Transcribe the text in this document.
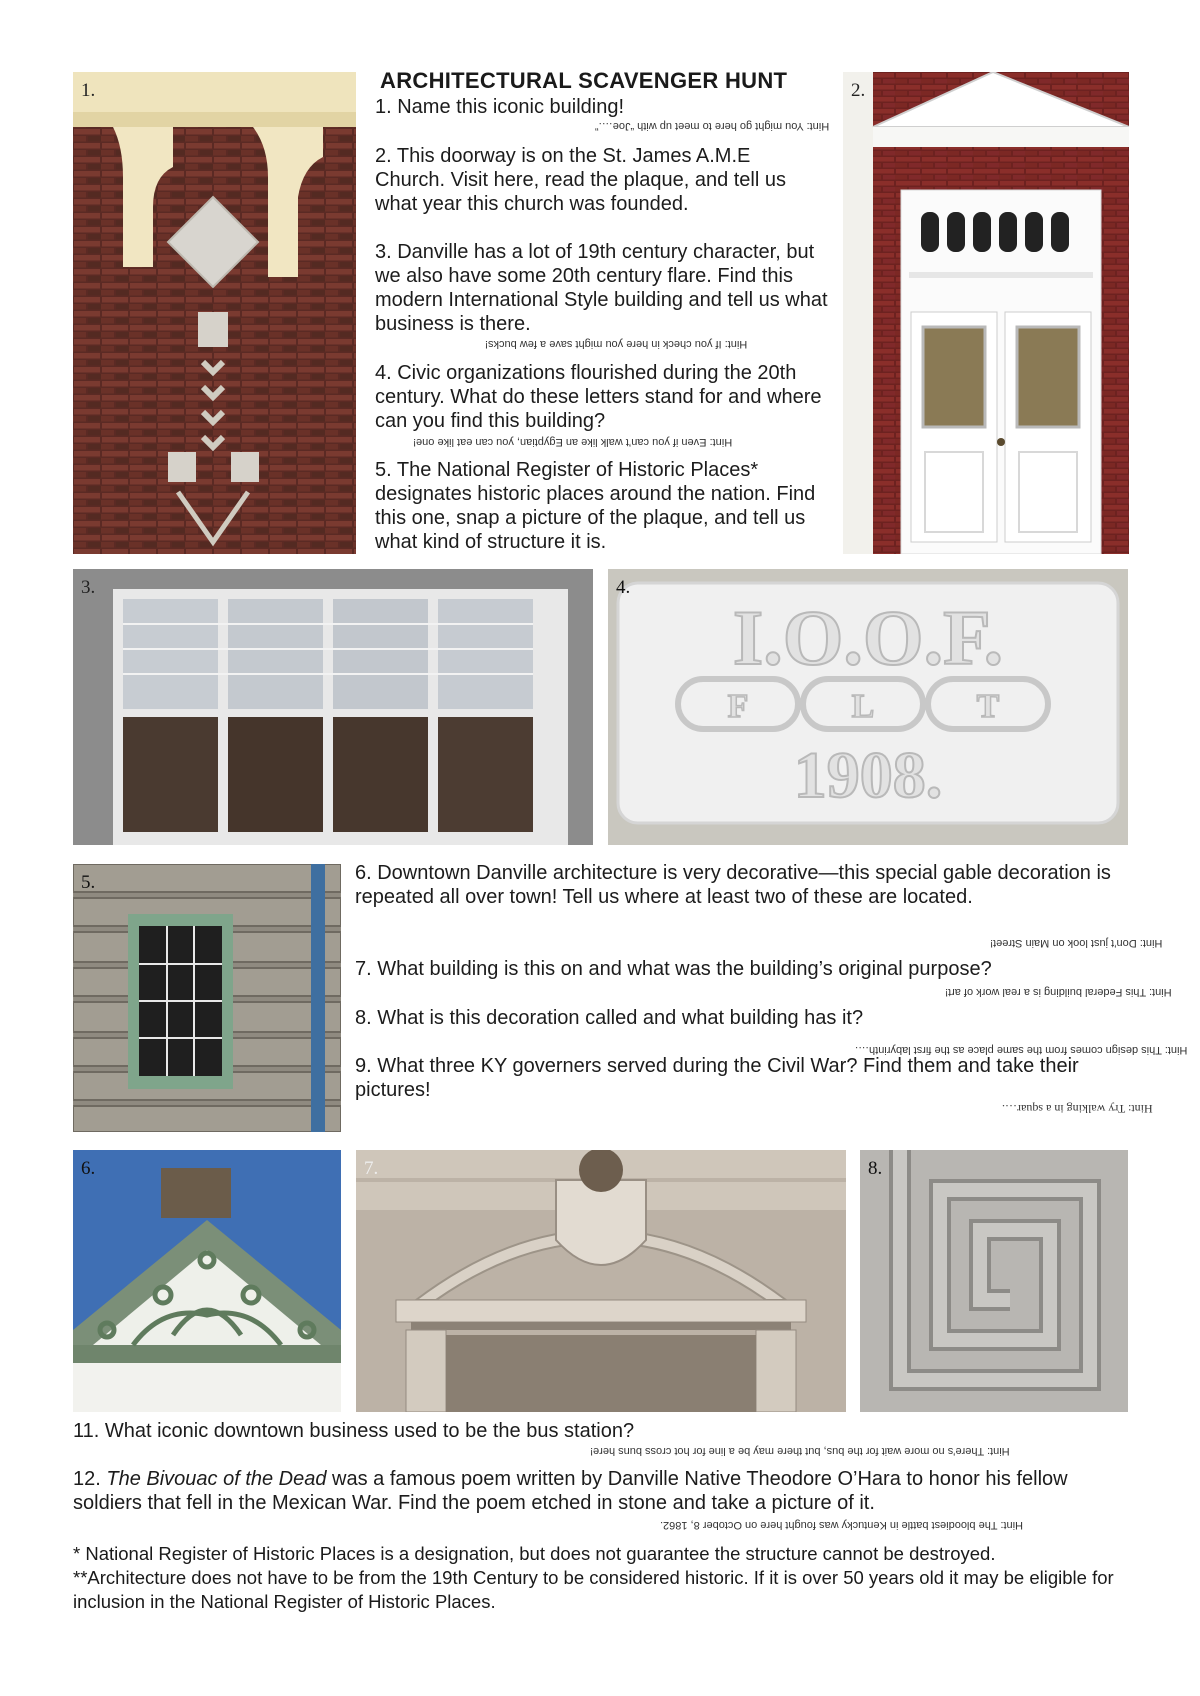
ARCHITECTURAL SCAVENGER HUNT
1. Name this iconic building!
Hint: You might go here to meet up with “Joe….”
2. This doorway is on the St. James A.M.E Church. Visit here, read the plaque, and tell us what year this church was founded.
3. Danville has a lot of 19th century character, but we also have some 20th century flare. Find this modern International Style building and tell us what business is there.
Hint: If you check in here you might save a few bucks!
4. Civic organizations flourished during the 20th century. What do these letters stand for and where can you find this building?
Hint: Even if you can’t walk like an Egyptian, you can eat like one!
5. The National Register of Historic Places* designates historic places around the nation. Find this one, snap a picture of the plaque, and tell us what kind of structure it is.
1.	2.
3.	4.
I.O.O.F.
F	L	T
1908.
5.	6. Downtown Danville architecture is very decorative—this special gable decoration is repeated all over town! Tell us where at least two of these are located.
Hint: Don’t just look on Main Street!
7. What building is this on and what was the building’s original purpose?
Hint: This Federal building is a real work of art!
8. What is this decoration called and what building has it?
Hint: This design comes from the same place as the first labyrinth….
9. What three KY governers served during the Civil War? Find them and take their pictures!
Hint: Try walking in a squar….
6.	7.	8.
11. What iconic downtown business used to be the bus station?
Hint: There’s no more wait for the bus, but there may be a line for hot cross buns here!
12. The Bivouac of the Dead was a famous poem written by Danville Native Theodore O’Hara to honor his fellow soldiers that fell in the Mexican War. Find the poem etched in stone and take a picture of it.
Hint: The bloodiest battle in Kentucky was fought here on October 8, 1862.
* National Register of Historic Places is a designation, but does not guarantee the structure cannot be destroyed.
**Architecture does not have to be from the 19th Century to be considered historic. If it is over 50 years old it may be eligible for inclusion in the National Register of Historic Places.
